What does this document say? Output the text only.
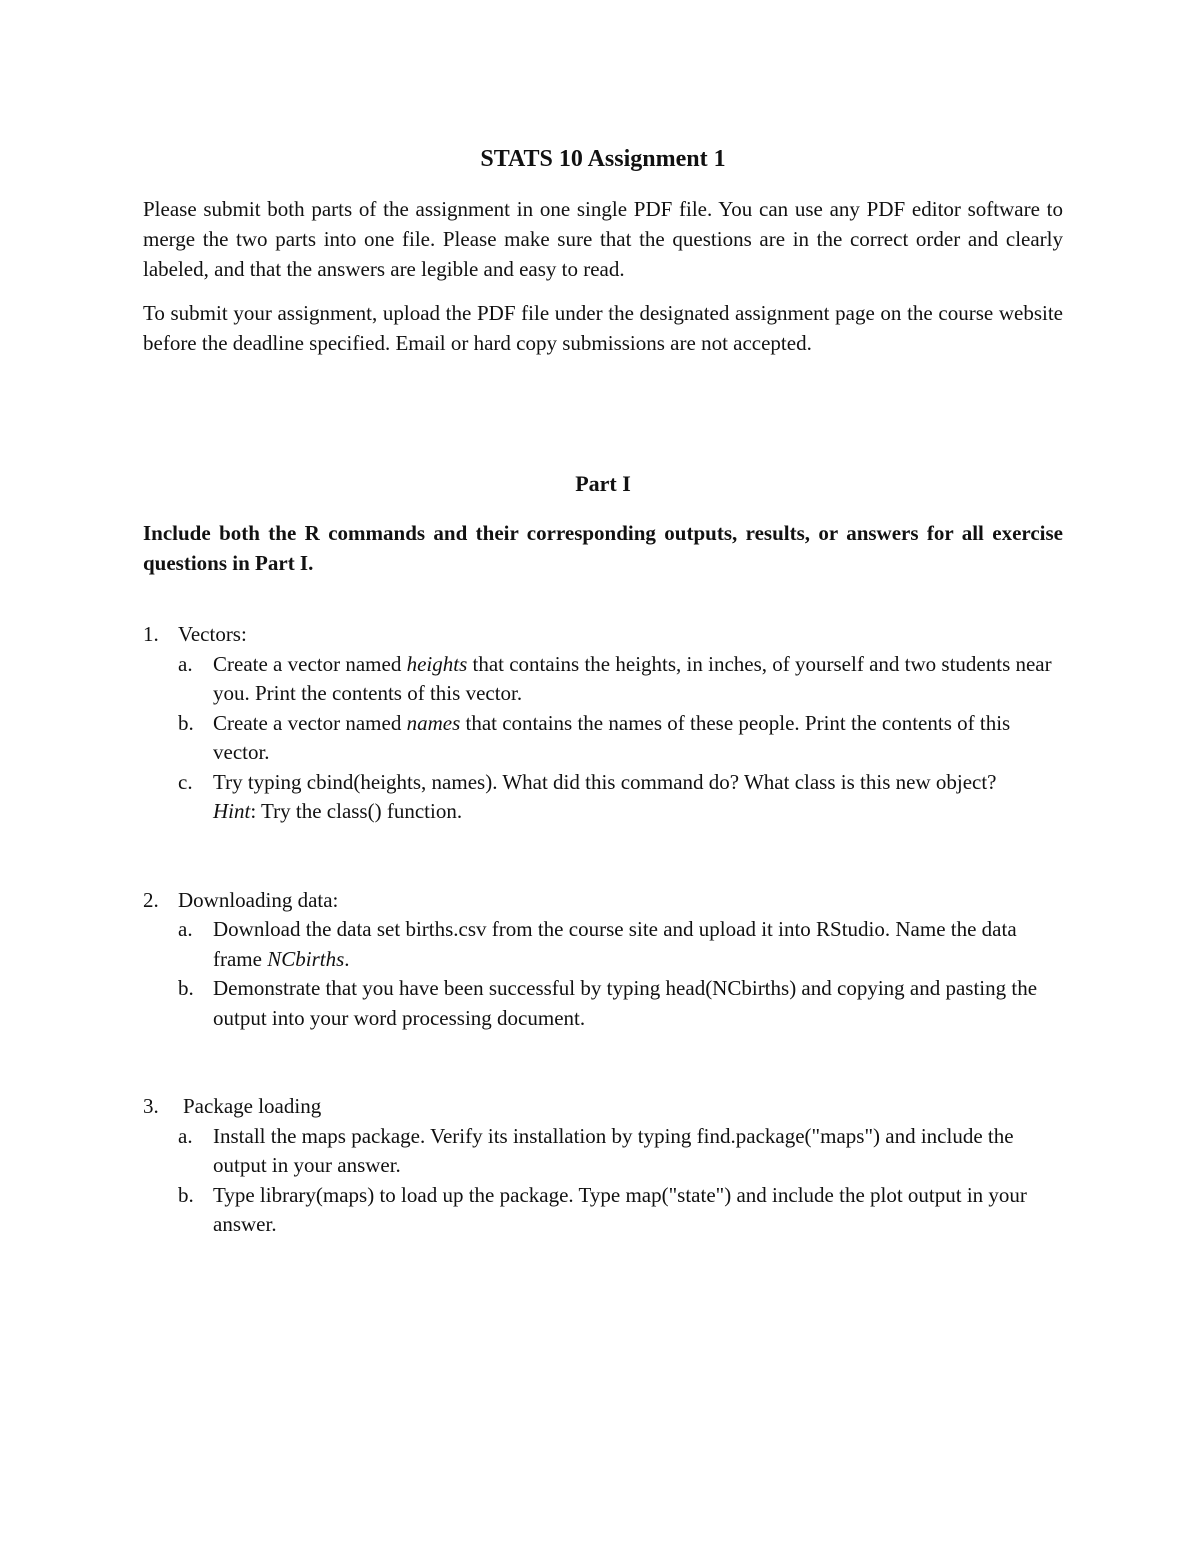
STATS 10 Assignment 1

Please submit both parts of the assignment in one single PDF file. You can use any PDF editor software to merge the two parts into one file. Please make sure that the questions are in the correct order and clearly labeled, and that the answers are legible and easy to read.

To submit your assignment, upload the PDF file under the designated assignment page on the course website before the deadline specified. Email or hard copy submissions are not accepted.

Part I

Include both the R commands and their corresponding outputs, results, or answers for all exercise questions in Part I.

1. Vectors:
a. Create a vector named heights that contains the heights, in inches, of yourself and two students near you. Print the contents of this vector.
b. Create a vector named names that contains the names of these people. Print the contents of this vector.
c. Try typing cbind(heights, names). What did this command do? What class is this new object?
Hint: Try the class() function.
2. Downloading data:
a. Download the data set births.csv from the course site and upload it into RStudio. Name the data frame NCbirths.
b. Demonstrate that you have been successful by typing head(NCbirths) and copying and pasting the output into your word processing document.
3. Package loading
a. Install the maps package. Verify its installation by typing find.package("maps") and include the output in your answer.
b. Type library(maps) to load up the package. Type map("state") and include the plot output in your answer.
